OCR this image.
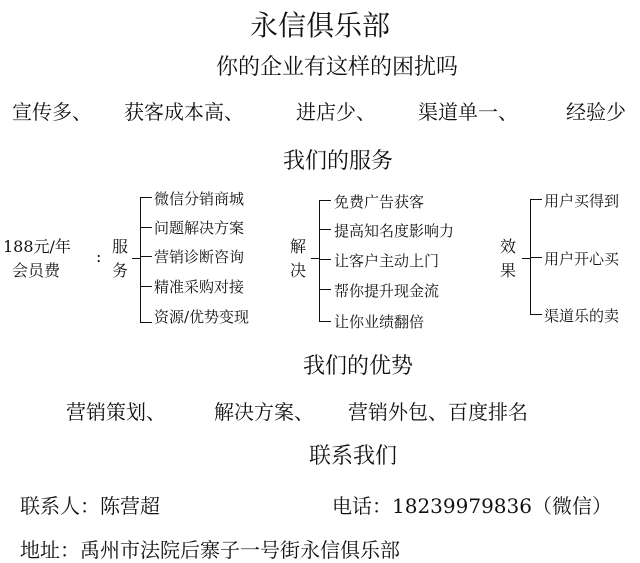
永信俱乐部
你的企业有这样的困扰吗
宣传多、 获客成本高、	进店少、 渠道单一、 经验少
我们的服务
188元/年
会员费
:
服
务
微信分销商城
问题解决方案
营销诊断咨询
精准采购对接
资源/优势变现
解
决
免费广告获客
提高知名度影响力
让客户主动上门
帮你提升现金流
让你业绩翻倍
效
果
用户买得到
用户开心买
渠道乐的卖
我们的优势
营销策划、 解决方案、 营销外包、百度排名
联系我们
联系人：陈营超	电话：18239979836（微信）
地址：禹州市法院后寨子一号街永信俱乐部
